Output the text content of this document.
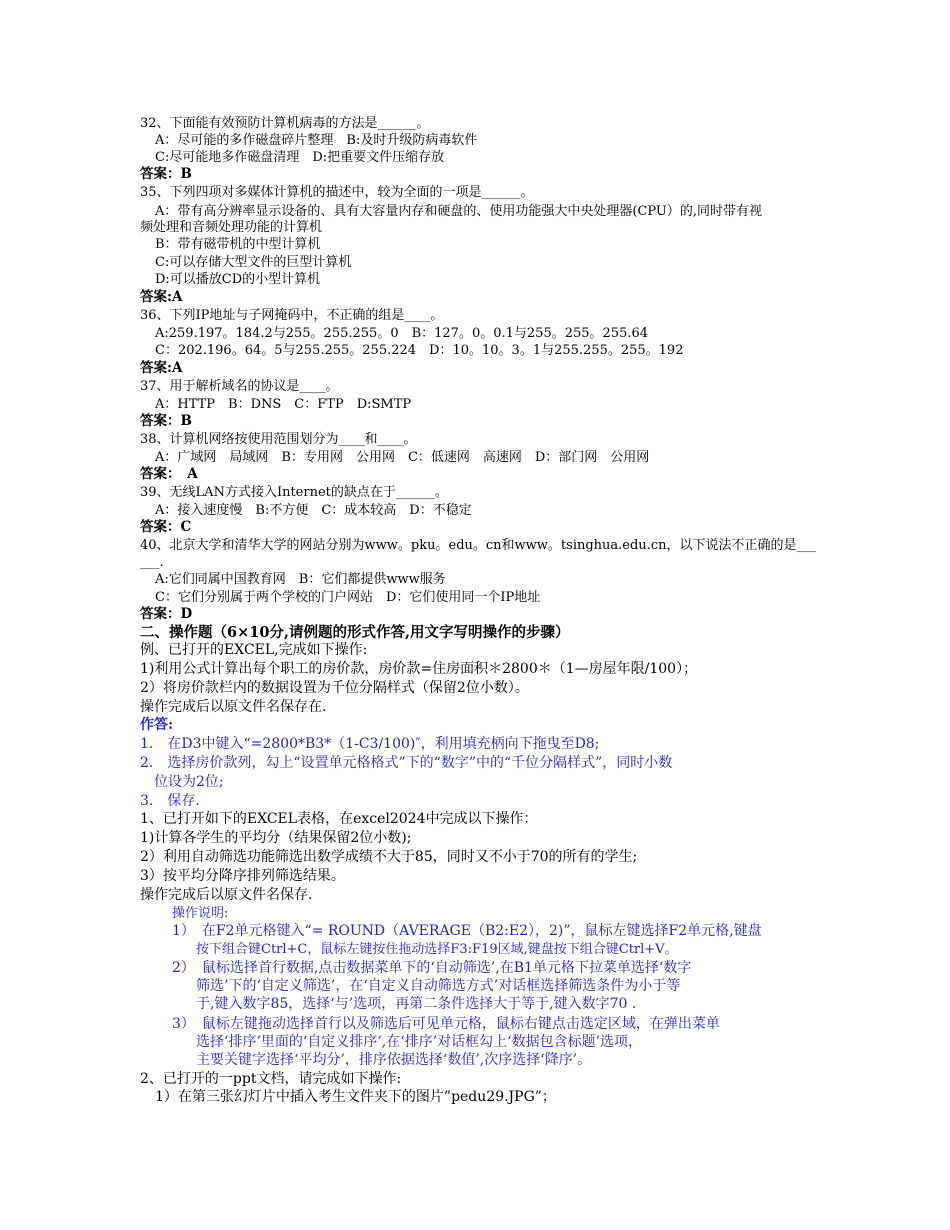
32、下面能有效预防计算机病毒的方法是______。
A：尽可能的多作磁盘碎片整理　B:及时升级防病毒软件
C:尽可能地多作磁盘清理　D:把重要文件压缩存放
答案：B
35、下列四项对多媒体计算机的描述中，较为全面的一项是______。
A：带有高分辨率显示设备的、具有大容量内存和硬盘的、使用功能强大中央处理器(CPU）的,同时带有视
频处理和音频处理功能的计算机
B：带有磁带机的中型计算机
C:可以存储大型文件的巨型计算机
D:可以播放CD的小型计算机
答案:A
36、下列IP地址与子网掩码中，不正确的组是____。
A:259.197。184.2与255。255.255。0　B：127。0。0.1与255。255。255.64
C：202.196。64。5与255.255。255.224　D：10。10。3。1与255.255。255。192
答案:A
37、用于解析域名的协议是____。
A：HTTP　B：DNS　C：FTP　D:SMTP
答案：B
38、计算机网络按使用范围划分为____和____。
A：广域网　局域网　B：专用网　公用网　C：低速网　高速网　D：部门网　公用网
答案：　A
39、无线LAN方式接入Internet的缺点在于______。
A：接入速度慢　B:不方便　C：成本较高　D：不稳定
答案：C
40、北京大学和清华大学的网站分别为www。pku。edu。cn和www。tsinghua.edu.cn，以下说法不正确的是___
___.
A:它们同属中国教育网　B：它们都提供www服务
C：它们分别属于两个学校的门户网站　D：它们使用同一个IP地址
答案：D
二、操作题（6×10分,请例题的形式作答,用文字写明操作的步骤）
例、已打开的EXCEL,完成如下操作:
1)利用公式计算出每个职工的房价款，房价款=住房面积＊2800＊（1—房屋年限/100）；
2）将房价款栏内的数据设置为千位分隔样式（保留2位小数）。
操作完成后以原文件名保存在.
作答:
1.　在D3中键入“=2800*B3*（1-C3/100)″，利用填充柄向下拖曳至D8;
2.　选择房价款列，勾上“设置单元格格式”下的“数字”中的“千位分隔样式”，同时小数
　位设为2位;
3.　保存.
1、已打开如下的EXCEL表格，在excel2024中完成以下操作：
1)计算各学生的平均分（结果保留2位小数);
2）利用自动筛选功能筛选出数学成绩不大于85，同时又不小于70的所有的学生;
3）按平均分降序排列筛选结果。
操作完成后以原文件名保存.
操作说明:
1）　在F2单元格键入“= ROUND（AVERAGE（B2:E2），2)”，鼠标左键选择F2单元格,键盘
按下组合键Ctrl+C，鼠标左键按住拖动选择F3:F19区域,键盘按下组合键Ctrl+V。
2）　鼠标选择首行数据,点击数据菜单下的‘自动筛选’,在B1单元格下拉菜单选择‘数字
筛选’下的‘自定义筛选’，在‘自定义自动筛选方式’对话框选择筛选条件为小于等
于,键入数字85，选择‘与’选项，再第二条件选择大于等于,键入数字70 .
3）　鼠标左键拖动选择首行以及筛选后可见单元格，鼠标右键点击选定区域，在弹出菜单
选择‘排序’里面的‘自定义排序’,在‘排序’对话框勾上‘数据包含标题’选项，
主要关键字选择‘平均分’，排序依据选择‘数值’,次序选择‘降序’。
2、已打开的一ppt文档，请完成如下操作:
1）在第三张幻灯片中插入考生文件夹下的图片”pedu29.JPG”；
